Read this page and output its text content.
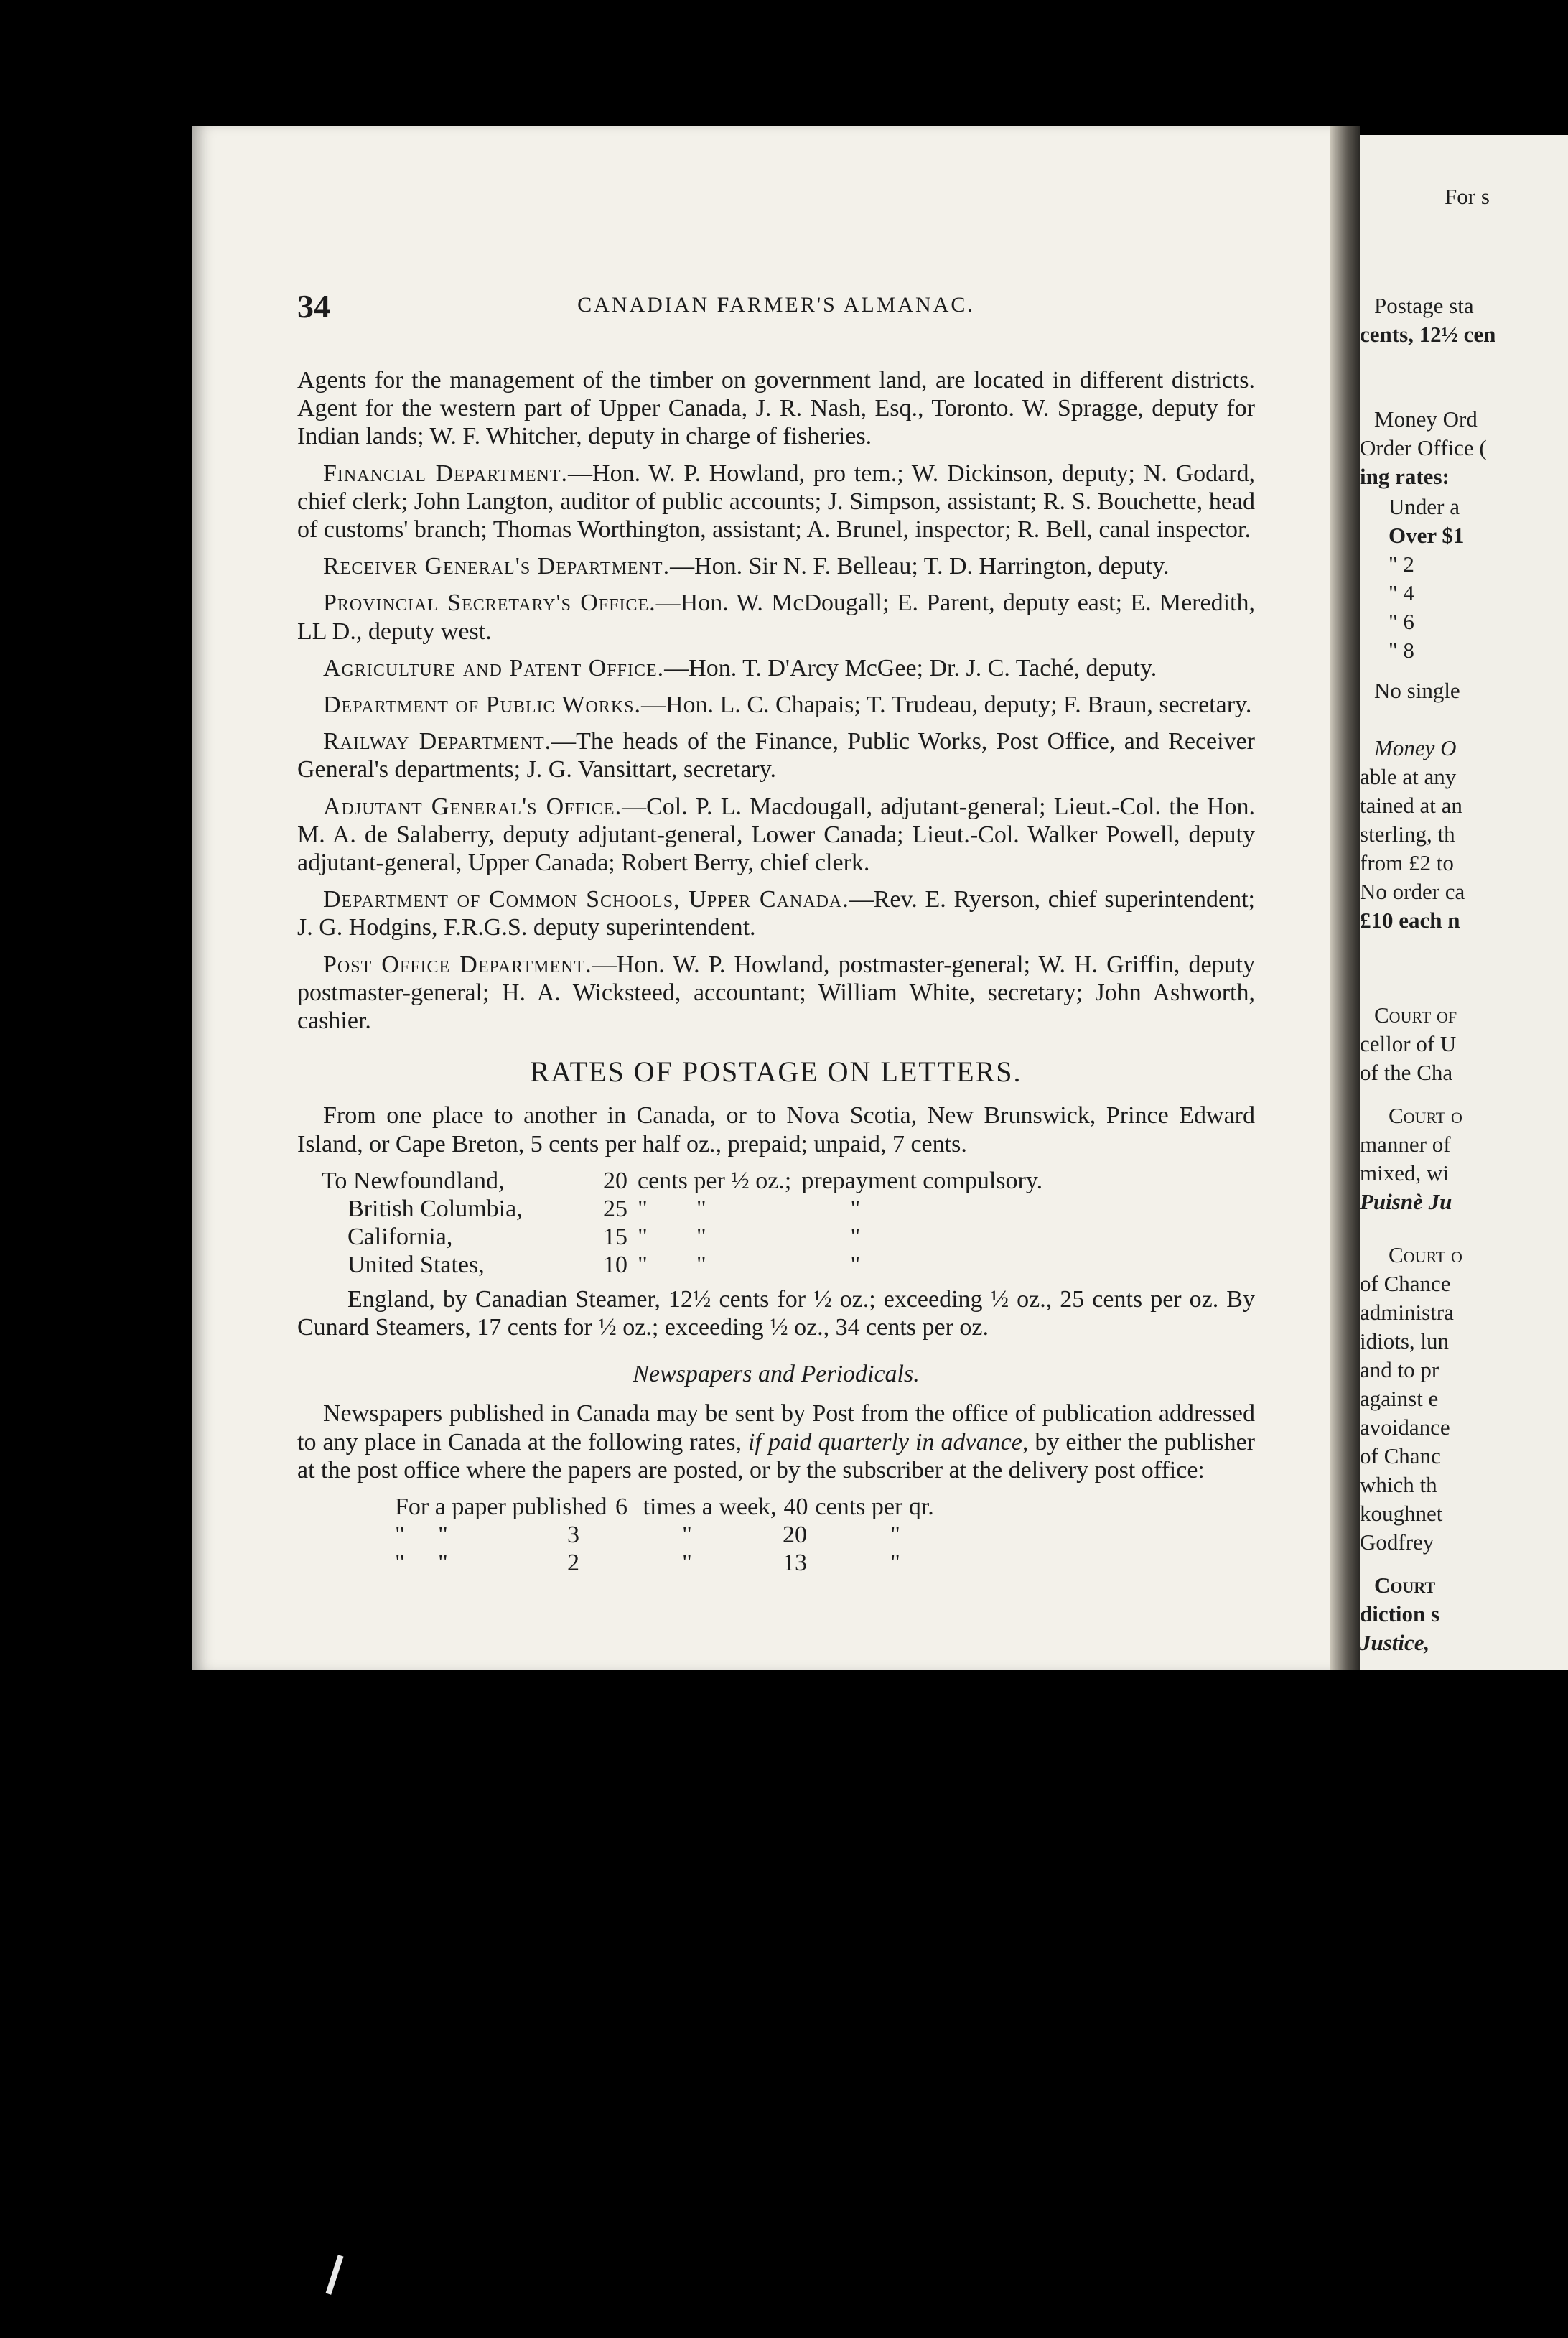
For s
Postage sta
cents, 12½ cen
Money Ord
Order Office (
ing rates:
Under a
Over $1
" 2
" 4
" 6
" 8
No single
Money O
able at any
tained at an
sterling, th
from £2 to
No order ca
£10 each n
Court of
cellor of U
of the Cha
Court o
manner of
mixed, wi
Puisnè Ju
Court o
of Chance
administra
idiots, lun
and to pr
against e
avoidance
of Chanc
which th
koughnet
Godfrey
Court
diction s
Justice,
34	CANADIAN FARMER'S ALMANAC.

Agents for the management of the timber on government land, are located in different districts. Agent for the western part of Upper Canada, J. R. Nash, Esq., Toronto. W. Spragge, deputy for Indian lands; W. F. Whitcher, deputy in charge of fisheries.

Financial Department.—Hon. W. P. Howland, pro tem.; W. Dickinson, deputy; N. Godard, chief clerk; John Langton, auditor of public accounts; J. Simpson, assistant; R. S. Bouchette, head of customs' branch; Thomas Worthington, assistant; A. Brunel, inspector; R. Bell, canal inspector.

Receiver General's Department.—Hon. Sir N. F. Belleau; T. D. Harrington, deputy.

Provincial Secretary's Office.—Hon. W. McDougall; E. Parent, deputy east; E. Meredith, LL D., deputy west.

Agriculture and Patent Office.—Hon. T. D'Arcy McGee; Dr. J. C. Taché, deputy.

Department of Public Works.—Hon. L. C. Chapais; T. Trudeau, deputy; F. Braun, secretary.

Railway Department.—The heads of the Finance, Public Works, Post Office, and Receiver General's departments; J. G. Vansittart, secretary.

Adjutant General's Office.—Col. P. L. Macdougall, adjutant-general; Lieut.-Col. the Hon. M. A. de Salaberry, deputy adjutant-general, Lower Canada; Lieut.-Col. Walker Powell, deputy adjutant-general, Upper Canada; Robert Berry, chief clerk.

Department of Common Schools, Upper Canada.—Rev. E. Ryerson, chief superintendent; J. G. Hodgins, F.R.G.S. deputy superintendent.

Post Office Department.—Hon. W. P. Howland, postmaster-general; W. H. Griffin, deputy postmaster-general; H. A. Wicksteed, accountant; William White, secretary; John Ashworth, cashier.

RATES OF POSTAGE ON LETTERS.

From one place to another in Canada, or to Nova Scotia, New Brunswick, Prince Edward Island, or Cape Breton, 5 cents per half oz., prepaid; unpaid, 7 cents.

To Newfoundland,	20	cents per ½ oz.;	prepayment compulsory.
British Columbia,	25	"   "	  "
California,	15	"   "	  "
United States,	10	"   "	  "

England, by Canadian Steamer, 12½ cents for ½ oz.; exceeding ½ oz., 25 cents per oz. By Cunard Steamers, 17 cents for ½ oz.; exceeding ½ oz., 34 cents per oz.

Newspapers and Periodicals.

Newspapers published in Canada may be sent by Post from the office of publication addressed to any place in Canada at the following rates, if paid quarterly in advance, by either the publisher at the post office where the papers are posted, or by the subscriber at the delivery post office:

For a paper published	6	times a week,	40	cents per qr.
"	"	3	"	20	"
"	"	2	"	13	"
